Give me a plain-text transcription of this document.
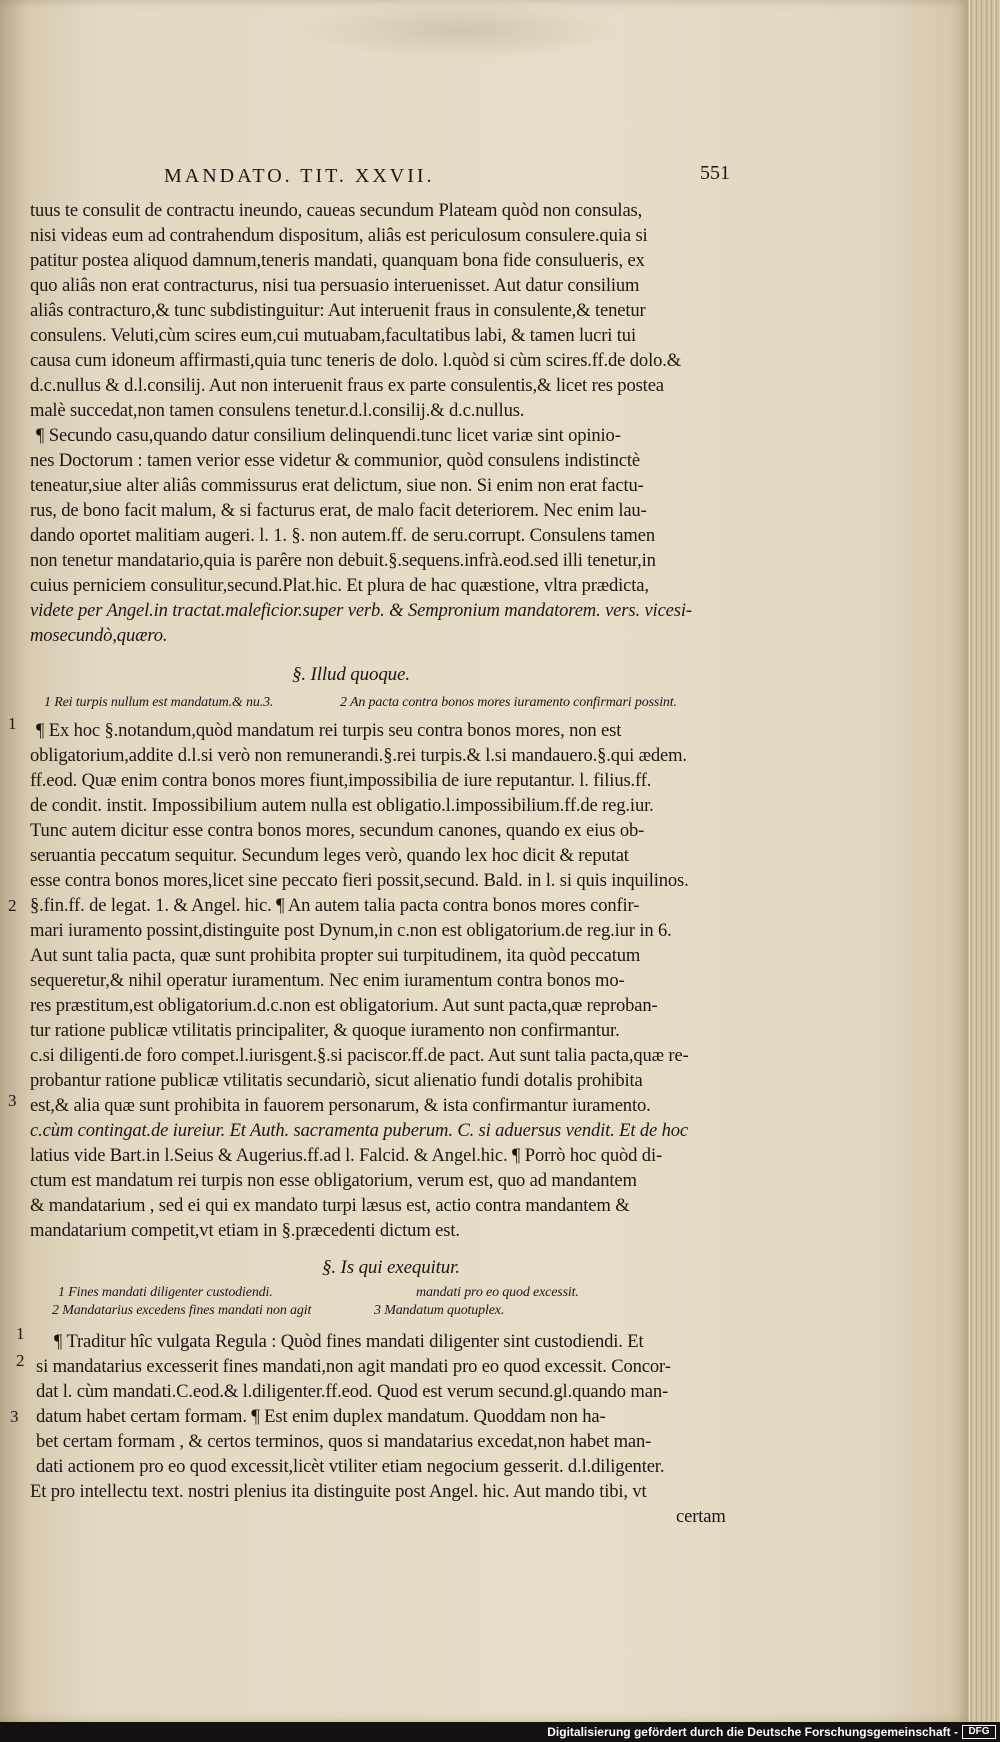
MANDATO. TIT. XXVII.	551
tuus te consulit de contractu ineundo, caueas secundum Plateam quòd non consulas,
nisi videas eum ad contrahendum dispositum, aliâs est periculosum consulere.quia si
patitur postea aliquod damnum,teneris mandati, quanquam bona fide consulueris, ex
quo aliâs non erat contracturus, nisi tua persuasio interuenisset. Aut datur consilium
aliâs contracturo,& tunc subdistinguitur: Aut interuenit fraus in consulente,& tenetur
consulens. Veluti,cùm scires eum,cui mutuabam,facultatibus labi, & tamen lucri tui
causa cum idoneum affirmasti,quia tunc teneris de dolo. l.quòd si cùm scires.ff.de dolo.&
d.c.nullus & d.l.consilij. Aut non interuenit fraus ex parte consulentis,& licet res postea
malè succedat,non tamen consulens tenetur.d.l.consilij.& d.c.nullus.
¶ Secundo casu,quando datur consilium delinquendi.tunc licet variæ sint opinio-
nes Doctorum : tamen verior esse videtur & communior, quòd consulens indistinctè
teneatur,siue alter aliâs commissurus erat delictum, siue non. Si enim non erat factu-
rus, de bono facit malum, & si facturus erat, de malo facit deteriorem. Nec enim lau-
dando oportet malitiam augeri. l. 1. §. non autem.ff. de seru.corrupt. Consulens tamen
non tenetur mandatario,quia is parêre non debuit.§.sequens.infrà.eod.sed illi tenetur,in
cuius perniciem consulitur,secund.Plat.hic. Et plura de hac quæstione, vltra prædicta,
videte per Angel.in tractat.maleficior.super verb. & Sempronium mandatorem. vers. vicesi-
mosecundò,quæro.
§. Illud quoque.
1 Rei turpis nullum est mandatum.& nu.3.	2 An pacta contra bonos mores iuramento confirmari possint.
1 ¶ Ex hoc §.notandum,quòd mandatum rei turpis seu contra bonos mores, non est
obligatorium,addite d.l.si verò non remunerandi.§.rei turpis.& l.si mandauero.§.qui ædem.
ff.eod. Quæ enim contra bonos mores fiunt,impossibilia de iure reputantur. l. filius.ff.
de condit. instit. Impossibilium autem nulla est obligatio.l.impossibilium.ff.de reg.iur.
Tunc autem dicitur esse contra bonos mores, secundum canones, quando ex eius ob-
seruantia peccatum sequitur. Secundum leges verò, quando lex hoc dicit & reputat
esse contra bonos mores,licet sine peccato fieri possit,secund. Bald. in l. si quis inquilinos.
2 §.fin.ff. de legat. 1. & Angel. hic. ¶ An autem talia pacta contra bonos mores confir-
mari iuramento possint,distinguite post Dynum,in c.non est obligatorium.de reg.iur in 6.
Aut sunt talia pacta, quæ sunt prohibita propter sui turpitudinem, ita quòd peccatum
sequeretur,& nihil operatur iuramentum. Nec enim iuramentum contra bonos mo-
res præstitum,est obligatorium.d.c.non est obligatorium. Aut sunt pacta,quæ reproban-
tur ratione publicæ vtilitatis principaliter, & quoque iuramento non confirmantur.
c.si diligenti.de foro compet.l.iurisgent.§.si paciscor.ff.de pact. Aut sunt talia pacta,quæ re-
probantur ratione publicæ vtilitatis secundariò, sicut alienatio fundi dotalis prohibita
est,& alia quæ sunt prohibita in fauorem personarum, & ista confirmantur iuramento.
c.cùm contingat.de iureiur. Et Auth. sacramenta puberum. C. si aduersus vendit. Et de hoc
3
latius vide Bart.in l.Seius & Augerius.ff.ad l. Falcid. & Angel.hic. ¶ Porrò hoc quòd di-
ctum est mandatum rei turpis non esse obligatorium, verum est, quo ad mandantem
& mandatarium , sed ei qui ex mandato turpi læsus est, actio contra mandantem &
mandatarium competit,vt etiam in §.præcedenti dictum est.
§. Is qui exequitur.
1 Fines mandati diligenter custodiendi.	mandati pro eo quod excessit.
2 Mandatarius excedens fines mandati non agit	3 Mandatum quotuplex.
1 ¶ Traditur hîc vulgata Regula : Quòd fines mandati diligenter sint custodiendi. Et
2 si mandatarius excesserit fines mandati,non agit mandati pro eo quod excessit. Concor-
dat l. cùm mandati.C.eod.& l.diligenter.ff.eod. Quod est verum secund.gl.quando man-
3 datum habet certam formam. ¶ Est enim duplex mandatum. Quoddam non ha-
bet certam formam , & certos terminos, quos si mandatarius excedat,non habet man-
dati actionem pro eo quod excessit,licèt vtiliter etiam negocium gesserit. d.l.diligenter.
Et pro intellectu text. nostri plenius ita distinguite post Angel. hic. Aut mando tibi, vt
certam
Digitalisierung gefördert durch die Deutsche Forschungsgemeinschaft -	DFG
